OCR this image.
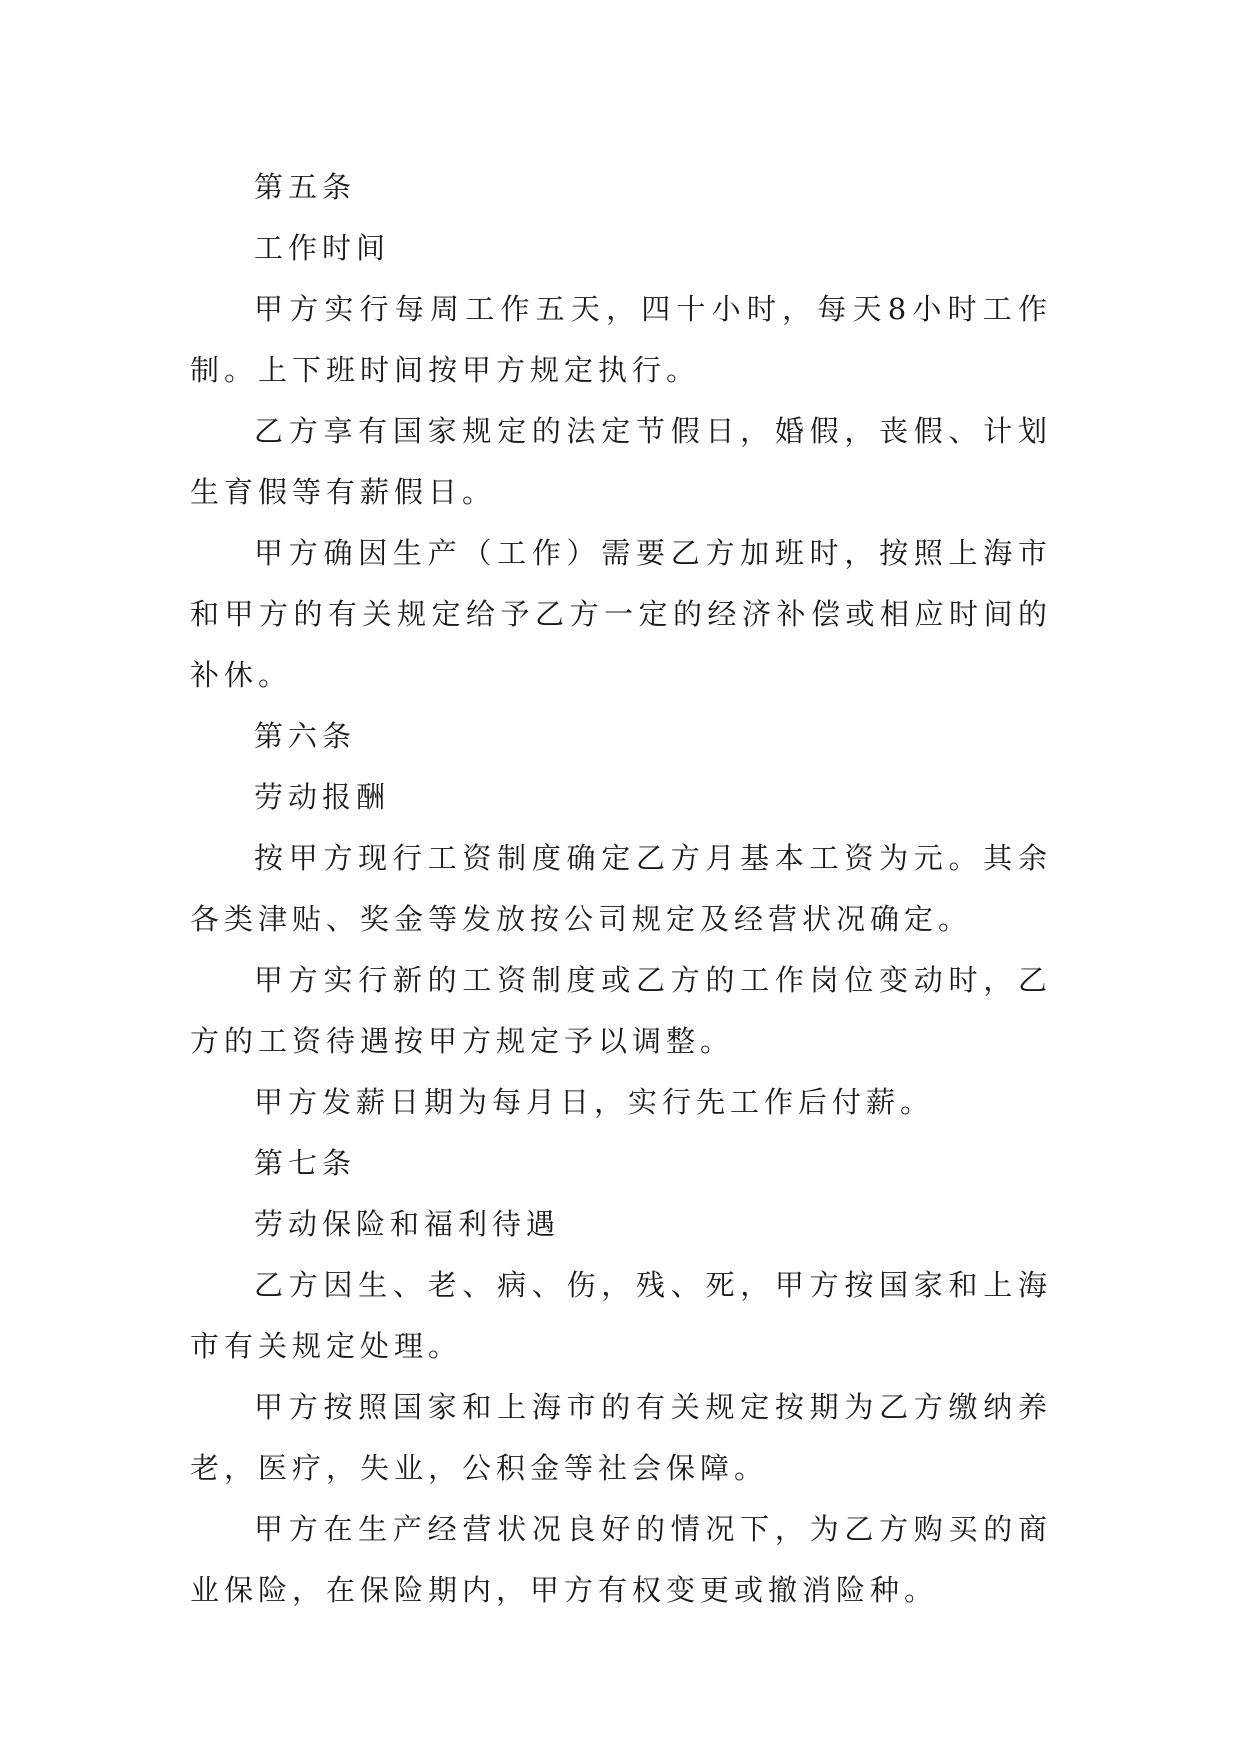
第五条

工作时间

甲方实行每周工作五天，四十小时，每天8小时工作制。上下班时间按甲方规定执行。

乙方享有国家规定的法定节假日，婚假，丧假、计划生育假等有薪假日。

甲方确因生产（工作）需要乙方加班时，按照上海市和甲方的有关规定给予乙方一定的经济补偿或相应时间的补休。

第六条

劳动报酬

按甲方现行工资制度确定乙方月基本工资为元。其余各类津贴、奖金等发放按公司规定及经营状况确定。

甲方实行新的工资制度或乙方的工作岗位变动时，乙方的工资待遇按甲方规定予以调整。

甲方发薪日期为每月日，实行先工作后付薪。

第七条

劳动保险和福利待遇

乙方因生、老、病、伤，残、死，甲方按国家和上海市有关规定处理。

甲方按照国家和上海市的有关规定按期为乙方缴纳养老，医疗，失业，公积金等社会保障。

甲方在生产经营状况良好的情况下，为乙方购买的商业保险，在保险期内，甲方有权变更或撤消险种。
